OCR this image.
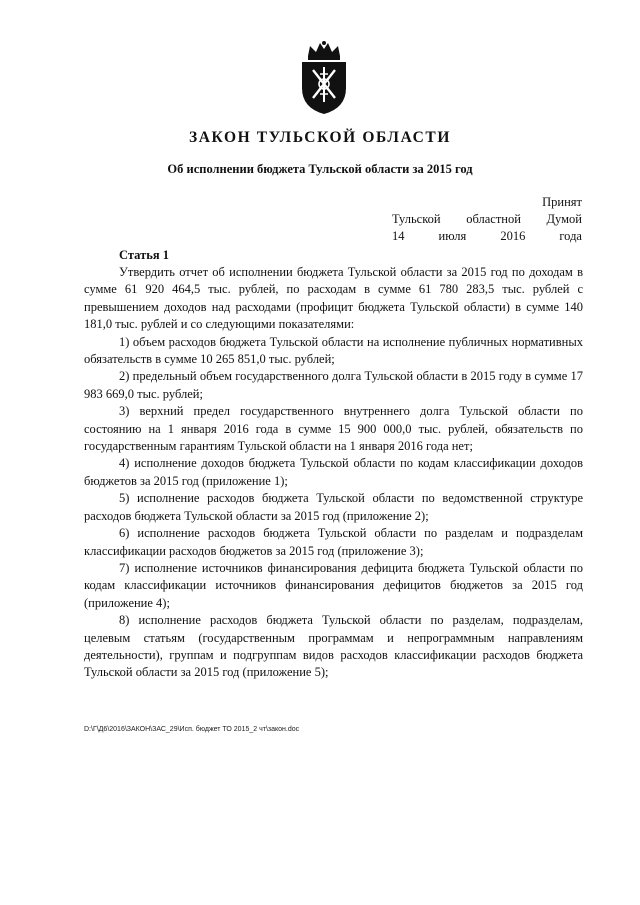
ЗАКОН ТУЛЬСКОЙ ОБЛАСТИ
Об исполнении бюджета Тульской области за 2015 год
Принят
Тульской областной Думой
14	июля	2016	года
Статья 1

Утвердить отчет об исполнении бюджета Тульской области за 2015 год по доходам в сумме 61 920 464,5 тыс. рублей, по расходам в сумме 61 780 283,5 тыс. рублей с превышением доходов над расходами (профицит бюджета Тульской области) в сумме 140 181,0 тыс. рублей и со следующими показателями:

1) объем расходов бюджета Тульской области на исполнение публичных нормативных обязательств в сумме 10 265 851,0 тыс. рублей;

2) предельный объем государственного долга Тульской области в 2015 году в сумме 17 983 669,0 тыс. рублей;

3) верхний предел государственного внутреннего долга Тульской области по состоянию на 1 января 2016 года в сумме 15 900 000,0 тыс. рублей, обязательств по государственным гарантиям Тульской области на 1 января 2016 года нет;

4) исполнение доходов бюджета Тульской области по кодам классификации доходов бюджетов за 2015 год (приложение 1);

5) исполнение расходов бюджета Тульской области по ведомственной структуре расходов бюджета Тульской области за 2015 год (приложение 2);

6) исполнение расходов бюджета Тульской области по разделам и подразделам классификации расходов бюджетов за 2015 год (приложение 3);

7) исполнение источников финансирования дефицита бюджета Тульской области по кодам классификации источников финансирования дефицитов бюджетов за 2015 год (приложение 4);

8) исполнение расходов бюджета Тульской области по разделам, подразделам, целевым статьям (государственным программам и непрограммным направлениям деятельности), группам и подгруппам видов расходов классификации расходов бюджета Тульской области за 2015 год (приложение 5);

D:\Г\Д6\2016\ЗАКОН\ЗАС_29\Исп. бюджет ТО 2015_2 чт\закон.doc
